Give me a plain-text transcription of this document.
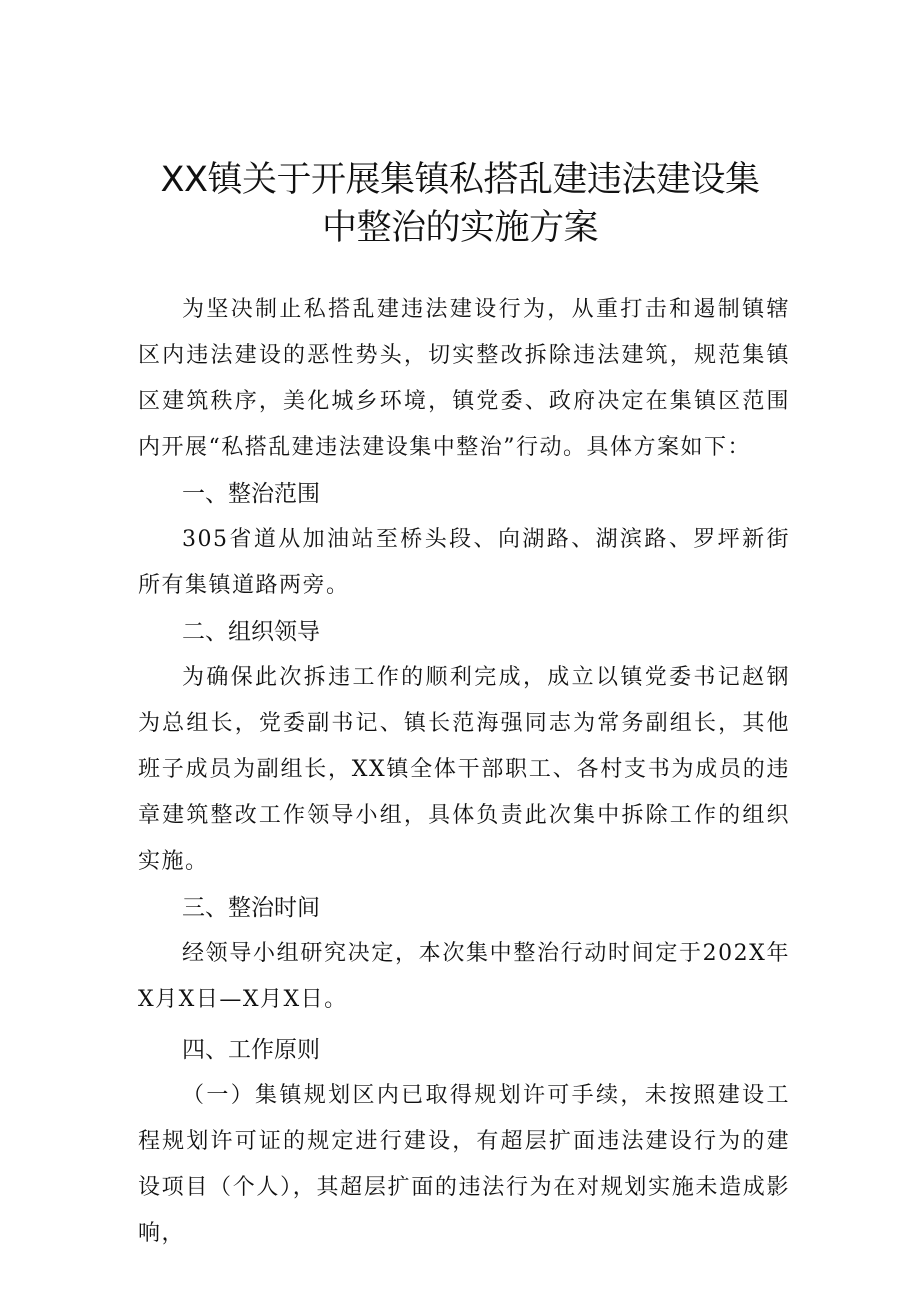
XX镇关于开展集镇私搭乱建违法建设集
中整治的实施方案

为坚决制止私搭乱建违法建设行为，从重打击和遏制镇辖区内违法建设的恶性势头，切实整改拆除违法建筑，规范集镇区建筑秩序，美化城乡环境，镇党委、政府决定在集镇区范围内开展“私搭乱建违法建设集中整治”行动。具体方案如下：

一、整治范围

305省道从加油站至桥头段、向湖路、湖滨路、罗坪新街所有集镇道路两旁。

二、组织领导

为确保此次拆违工作的顺利完成，成立以镇党委书记赵钢为总组长，党委副书记、镇长范海强同志为常务副组长，其他班子成员为副组长，XX镇全体干部职工、各村支书为成员的违章建筑整改工作领导小组，具体负责此次集中拆除工作的组织实施。

三、整治时间

经领导小组研究决定，本次集中整治行动时间定于202X年X月X日—X月X日。

四、工作原则

（一）集镇规划区内已取得规划许可手续，未按照建设工程规划许可证的规定进行建设，有超层扩面违法建设行为的建设项目（个人），其超层扩面的违法行为在对规划实施未造成影响，
